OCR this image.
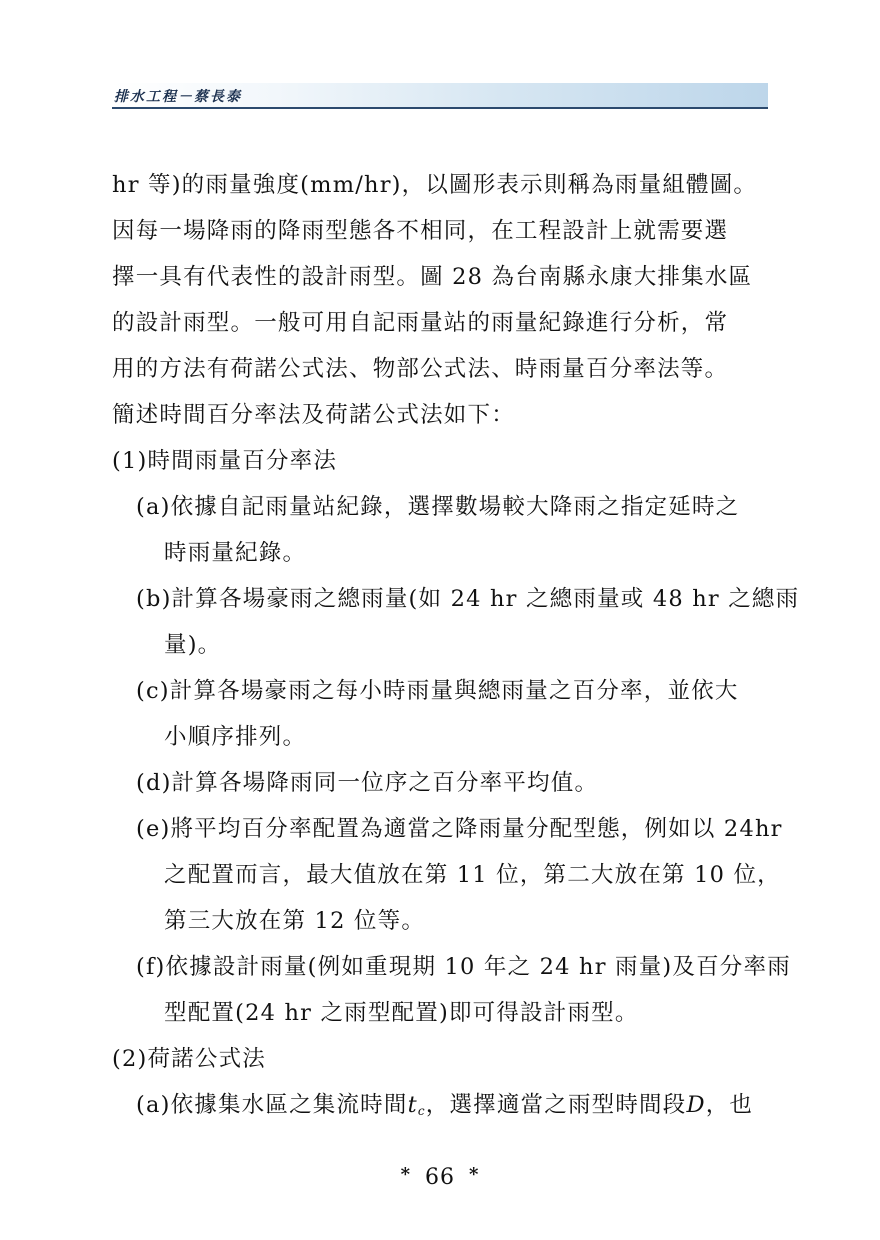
排水工程－蔡長泰
hr 等)的雨量強度(mm/hr)，以圖形表示則稱為雨量組體圖。
因每一場降雨的降雨型態各不相同，在工程設計上就需要選
擇一具有代表性的設計雨型。圖 28 為台南縣永康大排集水區
的設計雨型。一般可用自記雨量站的雨量紀錄進行分析，常
用的方法有荷諾公式法、物部公式法、時雨量百分率法等。
簡述時間百分率法及荷諾公式法如下：
(1)時間雨量百分率法
(a)依據自記雨量站紀錄，選擇數場較大降雨之指定延時之
時雨量紀錄。
(b)計算各場豪雨之總雨量(如 24 hr 之總雨量或 48 hr 之總雨
量)。
(c)計算各場豪雨之每小時雨量與總雨量之百分率，並依大
小順序排列。
(d)計算各場降雨同一位序之百分率平均值。
(e)將平均百分率配置為適當之降雨量分配型態，例如以 24hr
之配置而言，最大值放在第 11 位，第二大放在第 10 位，
第三大放在第 12 位等。
(f)依據設計雨量(例如重現期 10 年之 24 hr 雨量)及百分率雨
型配置(24 hr 之雨型配置)即可得設計雨型。
(2)荷諾公式法
(a)依據集水區之集流時間$t_c$，選擇適當之雨型時間段D，也
* 66 *
